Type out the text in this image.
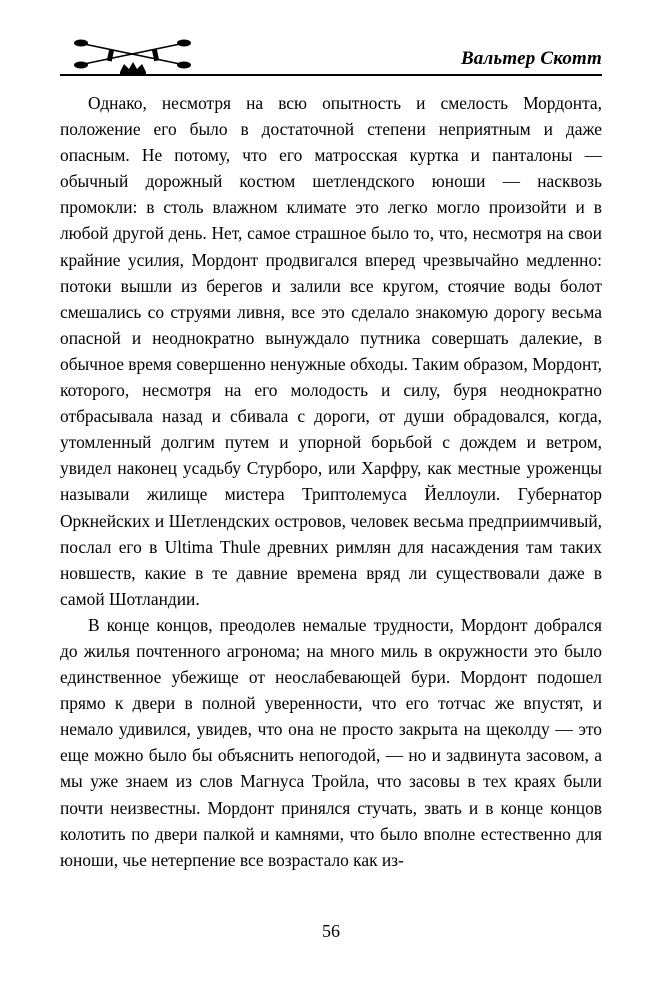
Вальтер Скотт

Однако, несмотря на всю опытность и смелость Мордонта, положение его было в достаточной степени неприятным и даже опасным. Не потому, что его матросская куртка и панталоны — обычный дорожный костюм шетлендского юноши — насквозь промокли: в столь влажном климате это легко могло произойти и в любой другой день. Нет, самое страшное было то, что, несмотря на свои крайние усилия, Мордонт продвигался вперед чрезвычайно медленно: потоки вышли из берегов и залили все кругом, стоячие воды болот смешались со струями ливня, все это сделало знакомую дорогу весьма опасной и неоднократно вынуждало путника совершать далекие, в обычное время совершенно ненужные обходы. Таким образом, Мордонт, которого, несмотря на его молодость и силу, буря неоднократно отбрасывала назад и сбивала с дороги, от души обрадовался, когда, утомленный долгим путем и упорной борьбой с дождем и ветром, увидел наконец усадьбу Стурборо, или Харфру, как местные уроженцы называли жилище мистера Триптолемуса Йеллоули. Губернатор Оркнейских и Шетлендских островов, человек весьма предприимчивый, послал его в Ultima Thule древних римлян для насаждения там таких новшеств, какие в те давние времена вряд ли существовали даже в самой Шотландии.

В конце концов, преодолев немалые трудности, Мордонт добрался до жилья почтенного агронома; на много миль в окружности это было единственное убежище от неослабевающей бури. Мордонт подошел прямо к двери в полной уверенности, что его тотчас же впустят, и немало удивился, увидев, что она не просто закрыта на щеколду — это еще можно было бы объяснить непогодой, — но и задвинута засовом, а мы уже знаем из слов Магнуса Тройла, что засовы в тех краях были почти неизвестны. Мордонт принялся стучать, звать и в конце концов колотить по двери палкой и камнями, что было вполне естественно для юноши, чье нетерпение все возрастало как из-

56
